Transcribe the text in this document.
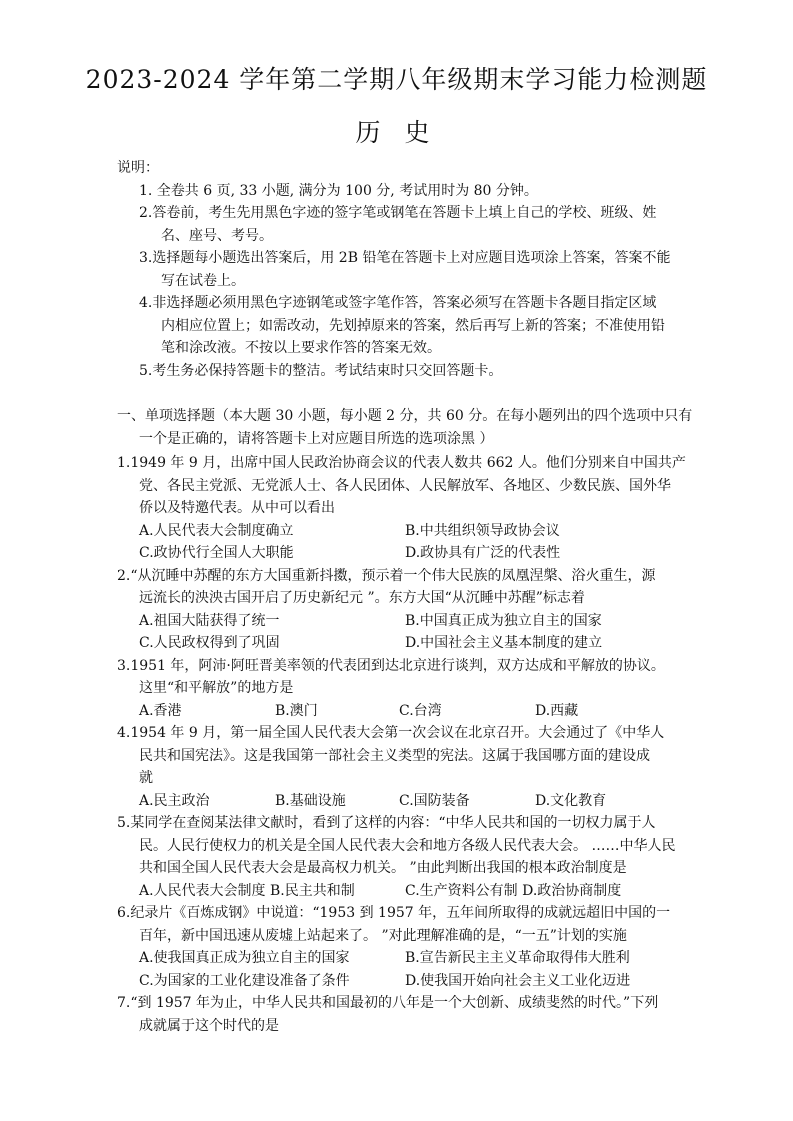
2023-2024 学年第二学期八年级期末学习能力检测题
历 史
说明：
1. 全卷共 6 页, 33 小题, 满分为 100 分, 考试用时为 80 分钟。
2.答卷前，考生先用黑色字迹的签字笔或钢笔在答题卡上填上自己的学校、班级、姓
名、座号、考号。
3.选择题每小题选出答案后，用 2B 铅笔在答题卡上对应题目选项涂上答案，答案不能
写在试卷上。
4.非选择题必须用黑色字迹钢笔或签字笔作答，答案必须写在答题卡各题目指定区域
内相应位置上；如需改动，先划掉原来的答案，然后再写上新的答案；不准使用铅
笔和涂改液。不按以上要求作答的答案无效。
5.考生务必保持答题卡的整洁。考试结束时只交回答题卡。
一、单项选择题（本大题 30 小题，每小题 2 分，共 60 分。在每小题列出的四个选项中只有
一个是正确的，请将答题卡上对应题目所选的选项涂黑 ）
1.1949 年 9 月，出席中国人民政治协商会议的代表人数共 662 人。他们分别来自中国共产
党、各民主党派、无党派人士、各人民团体、人民解放军、各地区、少数民族、国外华
侨以及特邀代表。从中可以看出
A.人民代表大会制度确立	B.中共组织领导政协会议
C.政协代行全国人大职能	D.政协具有广泛的代表性
2.“从沉睡中苏醒的东方大国重新抖擞，预示着一个伟大民族的凤凰涅槃、浴火重生，源
远流长的泱泱古国开启了历史新纪元 ”。东方大国“从沉睡中苏醒”标志着
A.祖国大陆获得了统一	B.中国真正成为独立自主的国家
C.人民政权得到了巩固	D.中国社会主义基本制度的建立
3.1951 年，阿沛·阿旺晋美率领的代表团到达北京进行谈判，双方达成和平解放的协议。
这里“和平解放”的地方是
A.香港	B.澳门	C.台湾	D.西藏
4.1954 年 9 月，第一届全国人民代表大会第一次会议在北京召开。大会通过了《中华人
民共和国宪法》。这是我国第一部社会主义类型的宪法。这属于我国哪方面的建设成
就
A.民主政治	B.基础设施	C.国防装备	D.文化教育
5.某同学在查阅某法律文献时，看到了这样的内容：“中华人民共和国的一切权力属于人
民。人民行使权力的机关是全国人民代表大会和地方各级人民代表大会。 ……中华人民
共和国全国人民代表大会是最高权力机关。 ”由此判断出我国的根本政治制度是
A.人民代表大会制度 B.民主共和制	C.生产资料公有制 D.政治协商制度
6.纪录片《百炼成钢》中说道：“1953 到 1957 年，五年间所取得的成就远超旧中国的一
百年，新中国迅速从废墟上站起来了。 ”对此理解准确的是，“一五”计划的实施
A.使我国真正成为独立自主的国家	B.宣告新民主主义革命取得伟大胜利
C.为国家的工业化建设准备了条件	D.使我国开始向社会主义工业化迈进
7.“到 1957 年为止，中华人民共和国最初的八年是一个大创新、成绩斐然的时代。”下列
成就属于这个时代的是
